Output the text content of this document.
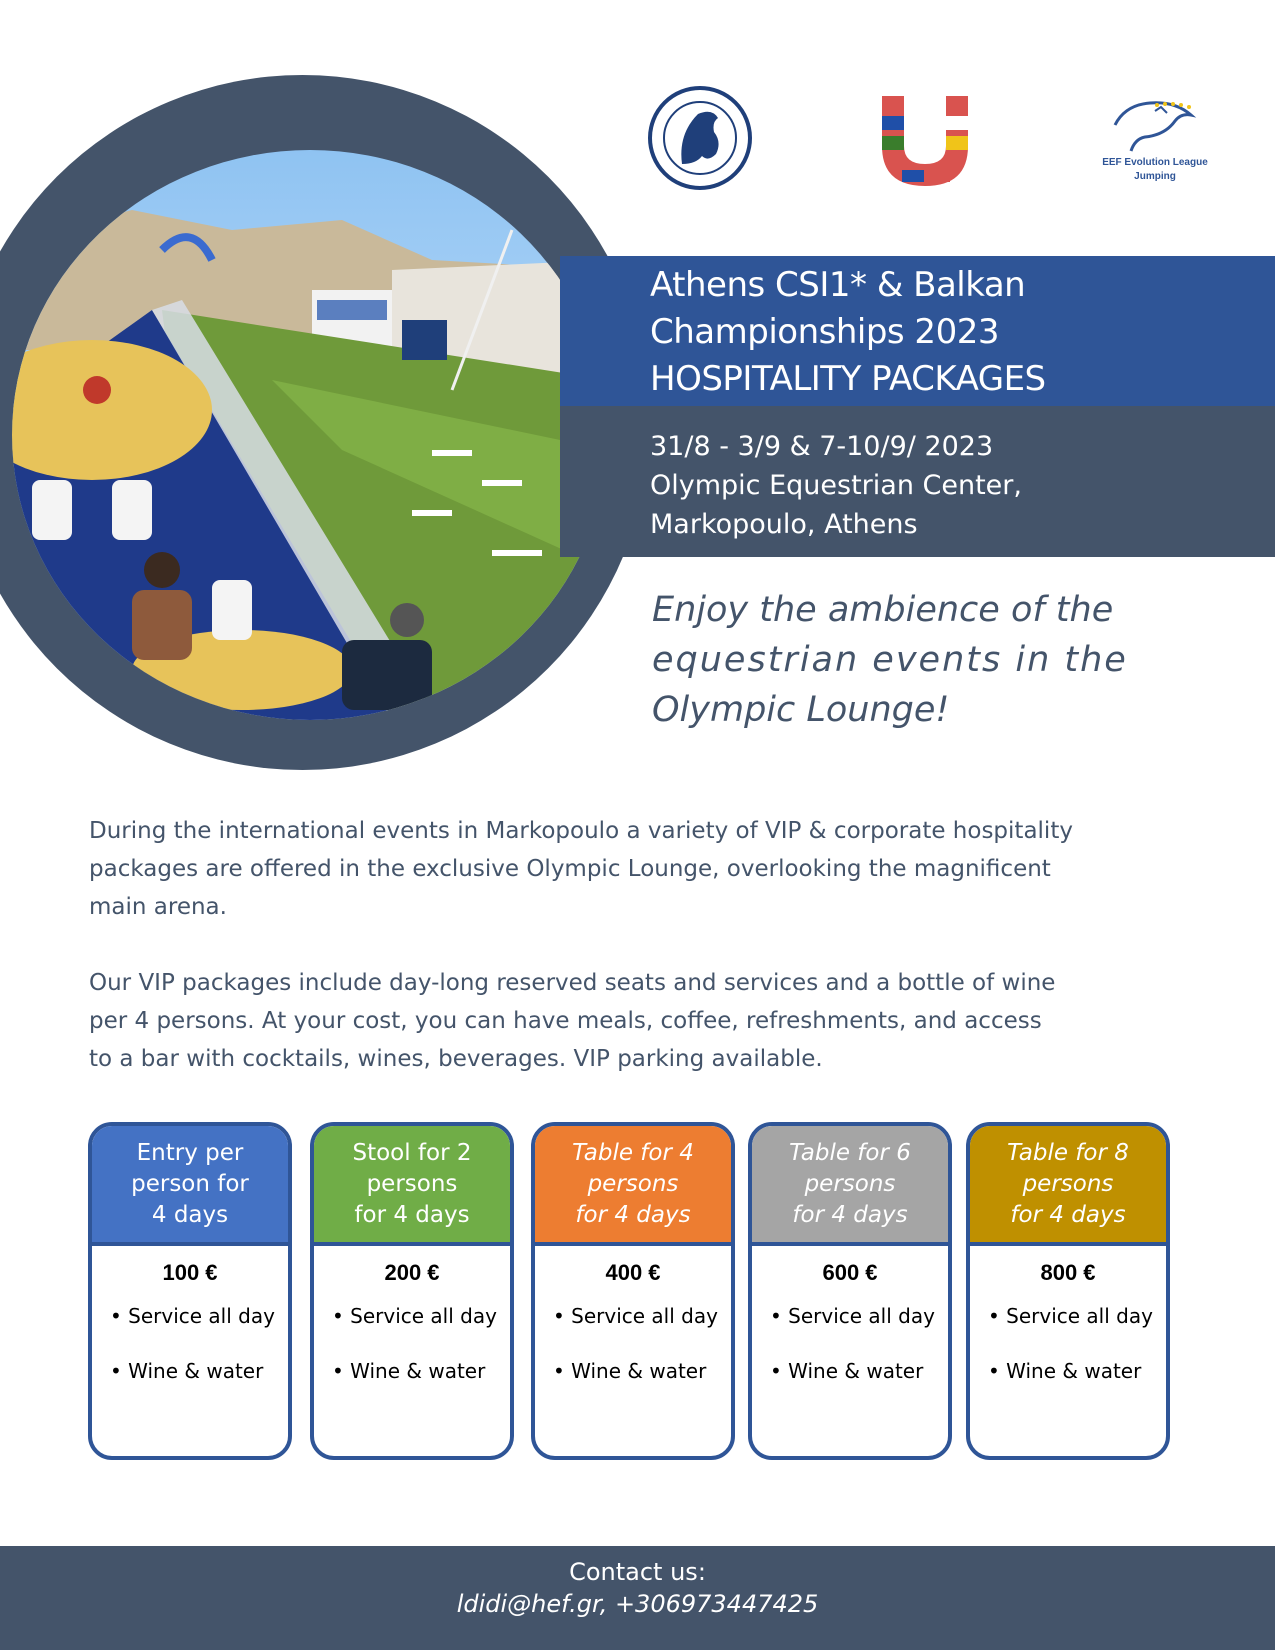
EEF Evolution League
Jumping
Athens CSI1* & Balkan
Championships 2023
HOSPITALITY PACKAGES
31/8 - 3/9 & 7-10/9/ 2023
Olympic Equestrian Center,
Markopoulo, Athens
Enjoy the ambience of the
equestrian events in the
Olympic Lounge!
During the international events in Markopoulo a variety of VIP & corporate hospitality
packages are offered in the exclusive Olympic Lounge, overlooking the magnificent
main arena.
Our VIP packages include day-long reserved seats and services and a bottle of wine
per 4 persons. At your cost, you can have meals, coffee, refreshments, and access
to a bar with cocktails, wines, beverages. VIP parking available.
Entry per
person for
4 days
100 €
• Service all day
• Wine & water
Stool for 2
persons
for 4 days
200 €
• Service all day
• Wine & water
Table for 4
persons
for 4 days
400 €
• Service all day
• Wine & water
Table for 6
persons
for 4 days
600 €
• Service all day
• Wine & water
Table for 8
persons
for 4 days
800 €
• Service all day
• Wine & water
Contact us:
ldidi@hef.gr, +306973447425
